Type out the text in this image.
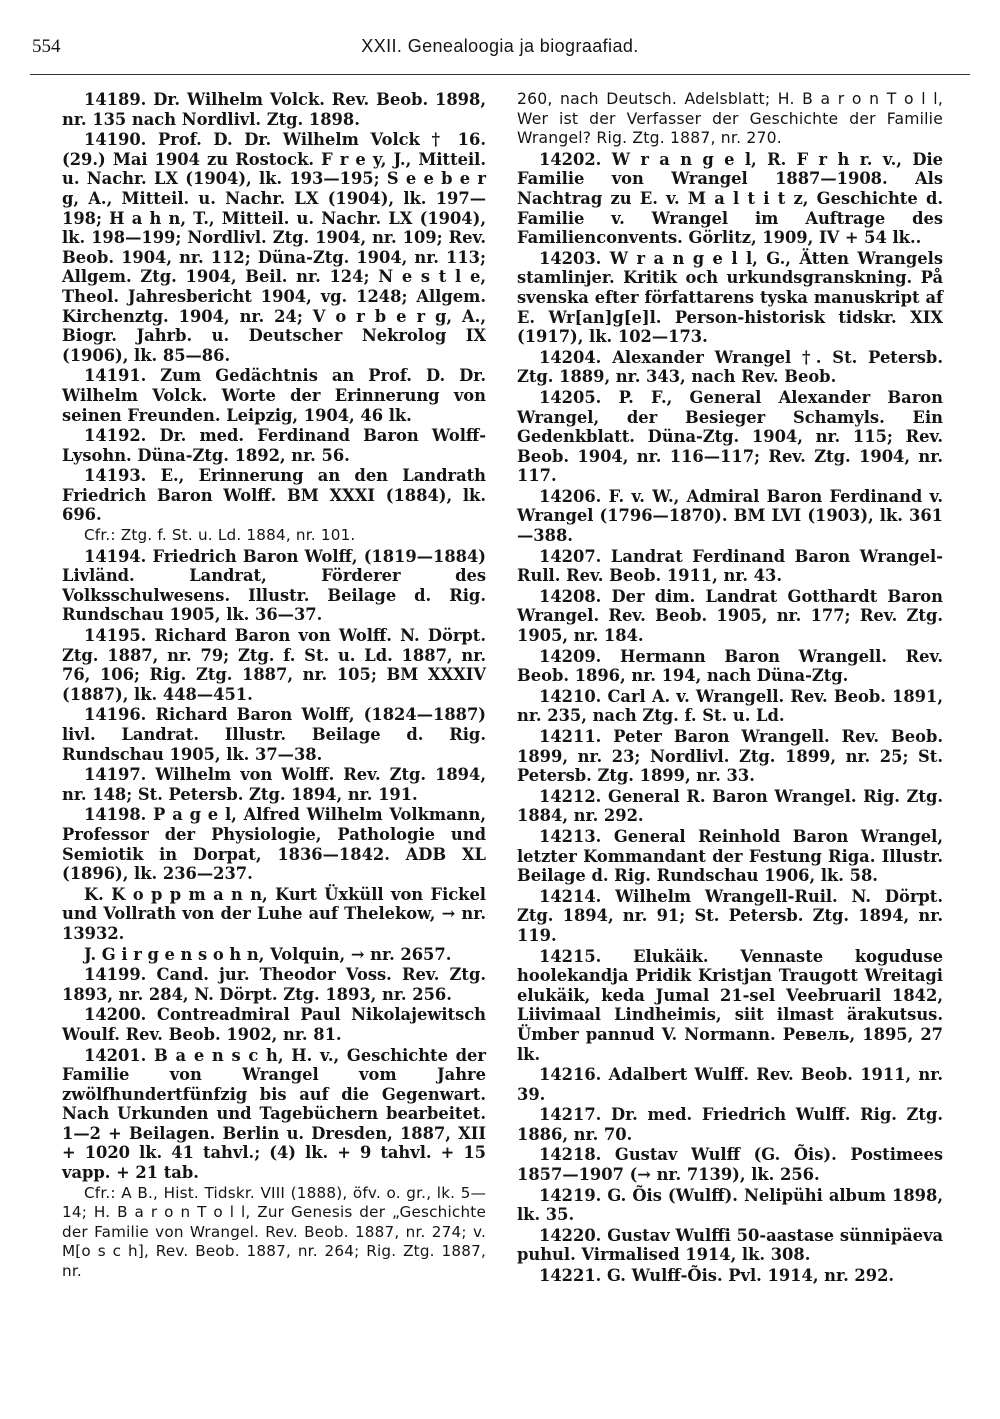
554	XXII. Genealoogia ja biograafiad.

14189. Dr. Wilhelm Volck. Rev. Beob. 1898, nr. 135 nach Nordlivl. Ztg. 1898.

14190. Prof. D. Dr. Wilhelm Volck † 16. (29.) Mai 1904 zu Rostock. F r e y, J., Mitteil. u. Nachr. LX (1904), lk. 193—195; S e e b e r g, A., Mitteil. u. Nachr. LX (1904), lk. 197—198; H a h n, T., Mitteil. u. Nachr. LX (1904), lk. 198—199; Nordlivl. Ztg. 1904, nr. 109; Rev. Beob. 1904, nr. 112; Düna-Ztg. 1904, nr. 113; Allgem. Ztg. 1904, Beil. nr. 124; N e s t l e, Theol. Jahresbericht 1904, vg. 1248; Allgem. Kirchenztg. 1904, nr. 24; V o r b e r g, A., Biogr. Jahrb. u. Deutscher Nekrolog IX (1906), lk. 85—86.

14191. Zum Gedächtnis an Prof. D. Dr. Wilhelm Volck. Worte der Erinnerung von seinen Freunden. Leipzig, 1904, 46 lk.

14192. Dr. med. Ferdinand Baron Wolff-Lysohn. Düna-Ztg. 1892, nr. 56.

14193. E., Erinnerung an den Landrath Friedrich Baron Wolff. BM XXXI (1884), lk. 696.

Cfr.: Ztg. f. St. u. Ld. 1884, nr. 101.

14194. Friedrich Baron Wolff, (1819—1884) Livländ. Landrat, Förderer des Volksschulwesens. Illustr. Beilage d. Rig. Rundschau 1905, lk. 36—37.

14195. Richard Baron von Wolff. N. Dörpt. Ztg. 1887, nr. 79; Ztg. f. St. u. Ld. 1887, nr. 76, 106; Rig. Ztg. 1887, nr. 105; BM XXXIV (1887), lk. 448—451.

14196. Richard Baron Wolff, (1824—1887) livl. Landrat. Illustr. Beilage d. Rig. Rundschau 1905, lk. 37—38.

14197. Wilhelm von Wolff. Rev. Ztg. 1894, nr. 148; St. Petersb. Ztg. 1894, nr. 191.

14198. P a g e l, Alfred Wilhelm Volkmann, Professor der Physiologie, Pathologie und Semiotik in Dorpat, 1836—1842. ADB XL (1896), lk. 236—237.

K. K o p p m a n n, Kurt Üxküll von Fickel und Vollrath von der Luhe auf Thelekow, → nr. 13932.

J. G i r g e n s o h n, Volquin, → nr. 2657.

14199. Cand. jur. Theodor Voss. Rev. Ztg. 1893, nr. 284, N. Dörpt. Ztg. 1893, nr. 256.

14200. Contreadmiral Paul Nikolajewitsch Woulf. Rev. Beob. 1902, nr. 81.

14201. B a e n s c h, H. v., Geschichte der Familie von Wrangel vom Jahre zwölfhundertfünfzig bis auf die Gegenwart. Nach Urkunden und Tagebüchern bearbeitet. 1—2 + Beilagen. Berlin u. Dresden, 1887, XII + 1020 lk. 41 tahvl.; (4) lk. + 9 tahvl. + 15 vapp. + 21 tab.

Cfr.: A B., Hist. Tidskr. VIII (1888), öfv. o. gr., lk. 5—14; H. B a r o n T o l l, Zur Genesis der „Geschichte der Familie von Wrangel. Rev. Beob. 1887, nr. 274; v. M[o s c h], Rev. Beob. 1887, nr. 264; Rig. Ztg. 1887, nr.

260, nach Deutsch. Adelsblatt; H. B a r o n T o l l, Wer ist der Verfasser der Geschichte der Familie Wrangel? Rig. Ztg. 1887, nr. 270.

14202. W r a n g e l, R. F r h r. v., Die Familie von Wrangel 1887—1908. Als Nachtrag zu E. v. M a l t i t z, Geschichte d. Familie v. Wrangel im Auftrage des Familienconvents. Görlitz, 1909, IV + 54 lk..

14203. W r a n g e l l, G., Ätten Wrangels stamlinjer. Kritik och urkundsgranskning. På svenska efter författarens tyska manuskript af E. Wr[an]g[e]l. Person-historisk tidskr. XIX (1917), lk. 102—173.

14204. Alexander Wrangel †. St. Petersb. Ztg. 1889, nr. 343, nach Rev. Beob.

14205. P. F., General Alexander Baron Wrangel, der Besieger Schamyls. Ein Gedenkblatt. Düna-Ztg. 1904, nr. 115; Rev. Beob. 1904, nr. 116—117; Rev. Ztg. 1904, nr. 117.

14206. F. v. W., Admiral Baron Ferdinand v. Wrangel (1796—1870). BM LVI (1903), lk. 361—388.

14207. Landrat Ferdinand Baron Wrangel-Rull. Rev. Beob. 1911, nr. 43.

14208. Der dim. Landrat Gotthardt Baron Wrangel. Rev. Beob. 1905, nr. 177; Rev. Ztg. 1905, nr. 184.

14209. Hermann Baron Wrangell. Rev. Beob. 1896, nr. 194, nach Düna-Ztg.

14210. Carl A. v. Wrangell. Rev. Beob. 1891, nr. 235, nach Ztg. f. St. u. Ld.

14211. Peter Baron Wrangell. Rev. Beob. 1899, nr. 23; Nordlivl. Ztg. 1899, nr. 25; St. Petersb. Ztg. 1899, nr. 33.

14212. General R. Baron Wrangel. Rig. Ztg. 1884, nr. 292.

14213. General Reinhold Baron Wrangel, letzter Kommandant der Festung Riga. Illustr. Beilage d. Rig. Rundschau 1906, lk. 58.

14214. Wilhelm Wrangell-Ruil. N. Dörpt. Ztg. 1894, nr. 91; St. Petersb. Ztg. 1894, nr. 119.

14215. Elukäik. Vennaste koguduse hoolekandja Pridik Kristjan Traugott Wreitagi elukäik, keda Jumal 21-sel Veebruaril 1842, Liivimaal Lindheimis, siit ilmast ärakutsus. Ümber pannud V. Normann. Ревель, 1895, 27 lk.

14216. Adalbert Wulff. Rev. Beob. 1911, nr. 39.

14217. Dr. med. Friedrich Wulff. Rig. Ztg. 1886, nr. 70.

14218. Gustav Wulff (G. Õis). Postimees 1857—1907 (→ nr. 7139), lk. 256.

14219. G. Õis (Wulff). Nelipühi album 1898, lk. 35.

14220. Gustav Wulffi 50-aastase sünnipäeva puhul. Virmalised 1914, lk. 308.

14221. G. Wulff-Õis. Pvl. 1914, nr. 292.
